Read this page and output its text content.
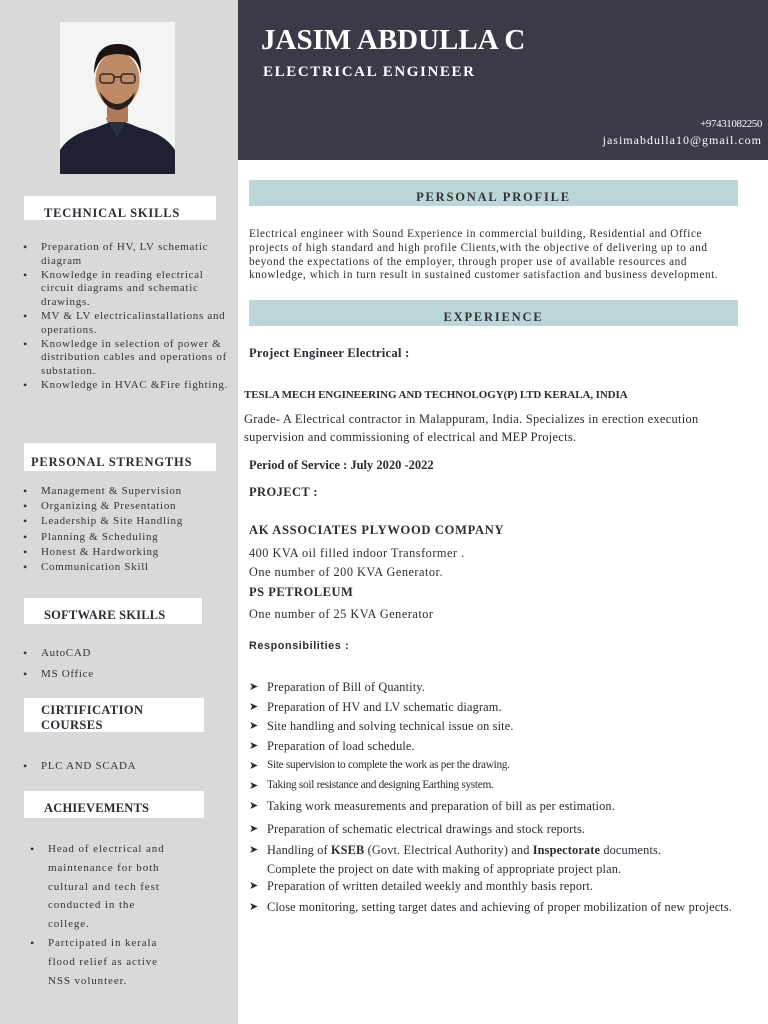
TECHNICAL SKILLS
• Preparation of HV, LV schematic diagram
• Knowledge in reading electrical circuit diagrams and schematic drawings.
• MV & LV electricalinstallations and operations.
• Knowledge in selection of power & distribution cables and operations of substation.
• Knowledge in HVAC &Fire fighting.
PERSONAL STRENGTHS
• Management & Supervision
• Organizing & Presentation
• Leadership & Site Handling
• Planning & Scheduling
• Honest & Hardworking
• Communication Skill
SOFTWARE SKILLS
• AutoCAD
• MS Office
CIRTIFICATION
COURSES
• PLC AND SCADA
ACHIEVEMENTS
• Head of electrical and maintenance for both cultural and tech fest conducted in the college.
• Partcipated in kerala flood relief as active NSS volunteer.
JASIM ABDULLA C
ELECTRICAL ENGINEER
+97431082250
jasimabdulla10@gmail.com
PERSONAL PROFILE
Electrical engineer with Sound Experience in commercial building, Residential and Office projects of high standard and high profile Clients,with the objective of delivering up to and beyond the expectations of the employer, through proper use of available resources and knowledge, which in turn result in sustained customer satisfaction and business development.
EXPERIENCE
Project Engineer Electrical :
TESLA MECH ENGINEERING AND TECHNOLOGY(P) LTD KERALA, INDIA
Grade- A Electrical contractor in Malappuram, India. Specializes in erection execution supervision and commissioning of electrical and MEP Projects.
Period of Service : July 2020 -2022
PROJECT :
AK ASSOCIATES PLYWOOD COMPANY
400 KVA oil filled indoor Transformer .
One number of 200 KVA Generator.
PS PETROLEUM
One number of 25 KVA Generator
Responsibilities :
➤ Preparation of Bill of Quantity.
➤ Preparation of HV and LV schematic diagram.
➤ Site handling and solving technical issue on site.
➤ Preparation of load schedule.
➤ Site supervision to complete the work as per the drawing.
➤ Taking soil resistance and designing Earthing system.
➤ Taking work measurements and preparation of bill as per estimation.
➤ Preparation of schematic electrical drawings and stock reports.
➤ Handling of KSEB (Govt. Electrical Authority) and Inspectorate documents.
Complete the project on date with making of appropriate project plan.
➤ Preparation of written detailed weekly and monthly basis report.
➤ Close monitoring, setting target dates and achieving of proper mobilization of new projects.
